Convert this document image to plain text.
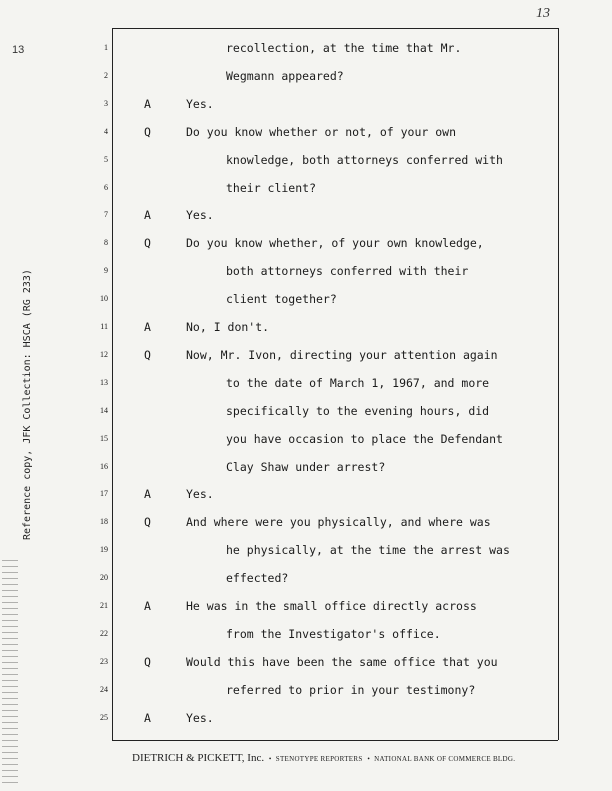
13
13
Reference copy, JFK Collection: HSCA (RG 233)
1	recollection, at the time that Mr.
2	Wegmann appeared?
3	A	Yes.
4	Q	Do you know whether or not, of your own
5	knowledge, both attorneys conferred with
6	their client?
7	A	Yes.
8	Q	Do you know whether, of your own knowledge,
9	both attorneys conferred with their
10	client together?
11	A	No, I don't.
12	Q	Now, Mr. Ivon, directing your attention again
13	to the date of March 1, 1967, and more
14	specifically to the evening hours, did
15	you have occasion to place the Defendant
16	Clay Shaw under arrest?
17	A	Yes.
18	Q	And where were you physically, and where was
19	he physically, at the time the arrest was
20	effected?
21	A	He was in the small office directly across
22	from the Investigator's office.
23	Q	Would this have been the same office that you
24	referred to prior in your testimony?
25	A	Yes.
DIETRICH & PICKETT, Inc.  •  STENOTYPE REPORTERS  •  NATIONAL BANK OF COMMERCE BLDG.
